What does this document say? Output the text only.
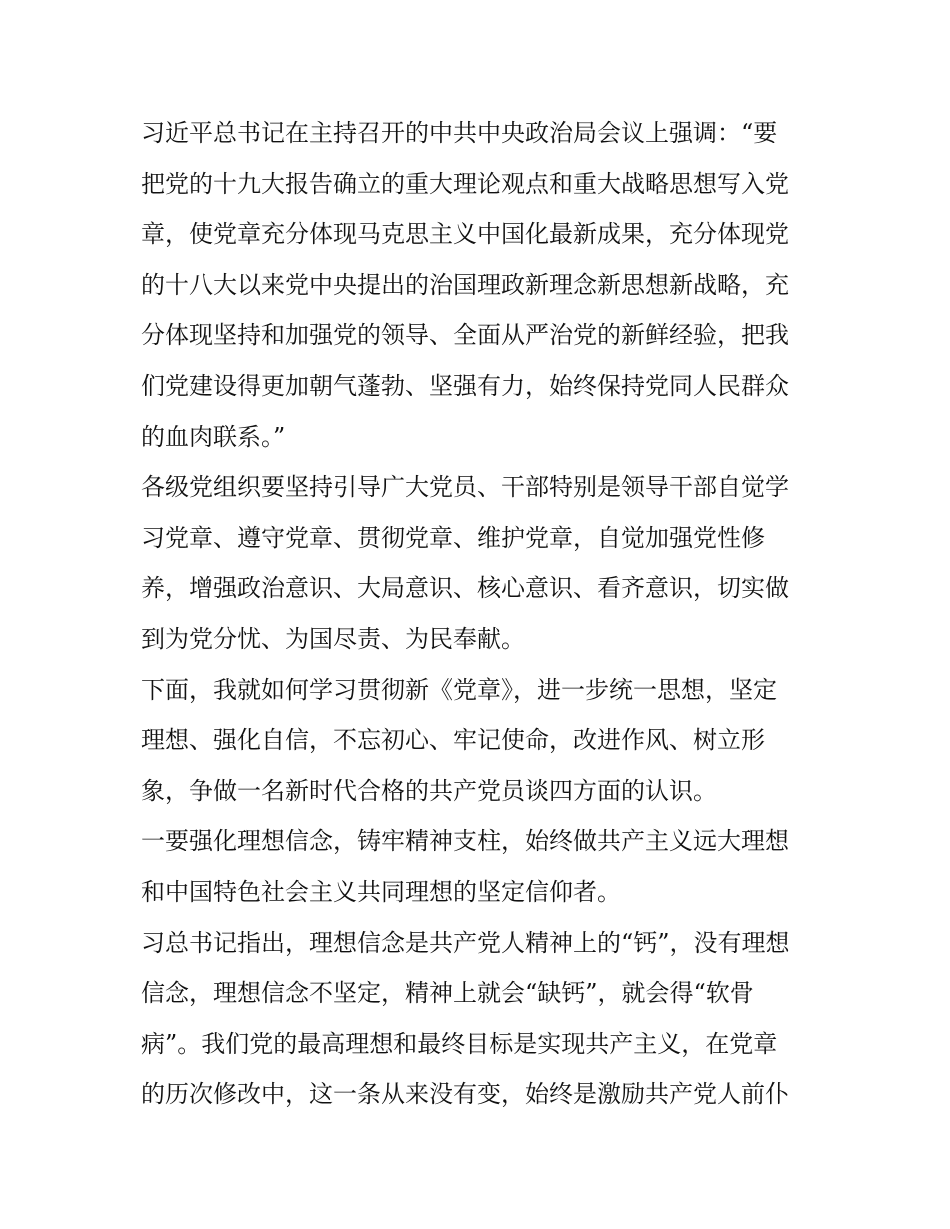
习近平总书记在主持召开的中共中央政治局会议上强调：“要
把党的十九大报告确立的重大理论观点和重大战略思想写入党
章，使党章充分体现马克思主义中国化最新成果，充分体现党
的十八大以来党中央提出的治国理政新理念新思想新战略，充
分体现坚持和加强党的领导、全面从严治党的新鲜经验，把我
们党建设得更加朝气蓬勃、坚强有力，始终保持党同人民群众
的血肉联系。”
各级党组织要坚持引导广大党员、干部特别是领导干部自觉学
习党章、遵守党章、贯彻党章、维护党章，自觉加强党性修
养，增强政治意识、大局意识、核心意识、看齐意识，切实做
到为党分忧、为国尽责、为民奉献。
下面，我就如何学习贯彻新《党章》，进一步统一思想，坚定
理想、强化自信，不忘初心、牢记使命，改进作风、树立形
象，争做一名新时代合格的共产党员谈四方面的认识。
一要强化理想信念，铸牢精神支柱，始终做共产主义远大理想
和中国特色社会主义共同理想的坚定信仰者。
习总书记指出，理想信念是共产党人精神上的“钙”，没有理想
信念，理想信念不坚定，精神上就会“缺钙”，就会得“软骨
病”。我们党的最高理想和最终目标是实现共产主义，在党章
的历次修改中，这一条从来没有变，始终是激励共产党人前仆
